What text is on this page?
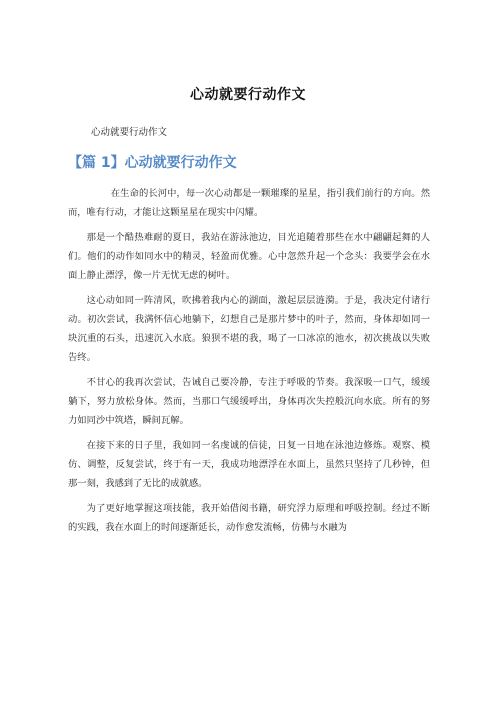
心动就要行动作文
心动就要行动作文
【篇 1】心动就要行动作文

在生命的长河中，每一次心动都是一颗璀璨的星星，指引我们前行的方向。然而，唯有行动，才能让这颗星星在现实中闪耀。

那是一个酷热难耐的夏日，我站在游泳池边，目光追随着那些在水中翩翩起舞的人们。他们的动作如同水中的精灵，轻盈而优雅。心中忽然升起一个念头：我要学会在水面上静止漂浮，像一片无忧无虑的树叶。

这心动如同一阵清风，吹拂着我内心的湖面，激起层层涟漪。于是，我决定付诸行动。初次尝试，我满怀信心地躺下，幻想自己是那片梦中的叶子，然而，身体却如同一块沉重的石头，迅速沉入水底。狼狈不堪的我，喝了一口冰凉的池水，初次挑战以失败告终。

不甘心的我再次尝试，告诫自己要冷静，专注于呼吸的节奏。我深吸一口气，缓缓躺下，努力放松身体。然而，当那口气缓缓呼出，身体再次失控般沉向水底。所有的努力如同沙中筑塔，瞬间瓦解。

在接下来的日子里，我如同一名虔诚的信徒，日复一日地在泳池边修炼。观察、模仿、调整，反复尝试，终于有一天，我成功地漂浮在水面上，虽然只坚持了几秒钟，但那一刻，我感到了无比的成就感。

为了更好地掌握这项技能，我开始借阅书籍，研究浮力原理和呼吸控制。经过不断的实践，我在水面上的时间逐渐延长，动作愈发流畅，仿佛与水融为
